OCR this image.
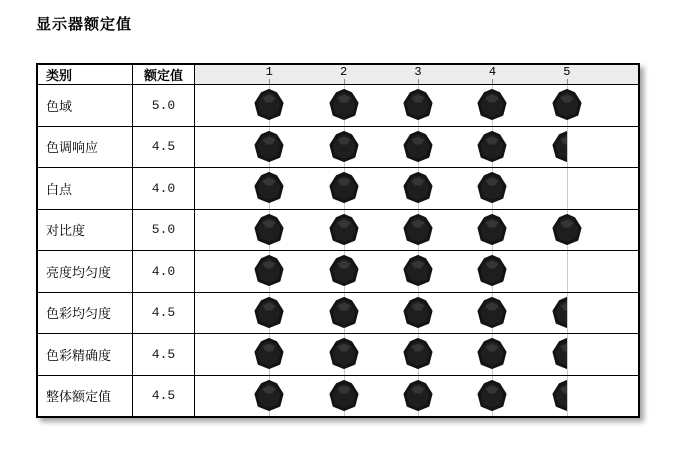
显示器额定值
类别	额定值	1	2	3	4	5
色域	5.0
色调响应	4.5
白点	4.0
对比度	5.0
亮度均匀度	4.0
色彩均匀度	4.5
色彩精确度	4.5
整体额定值	4.5
